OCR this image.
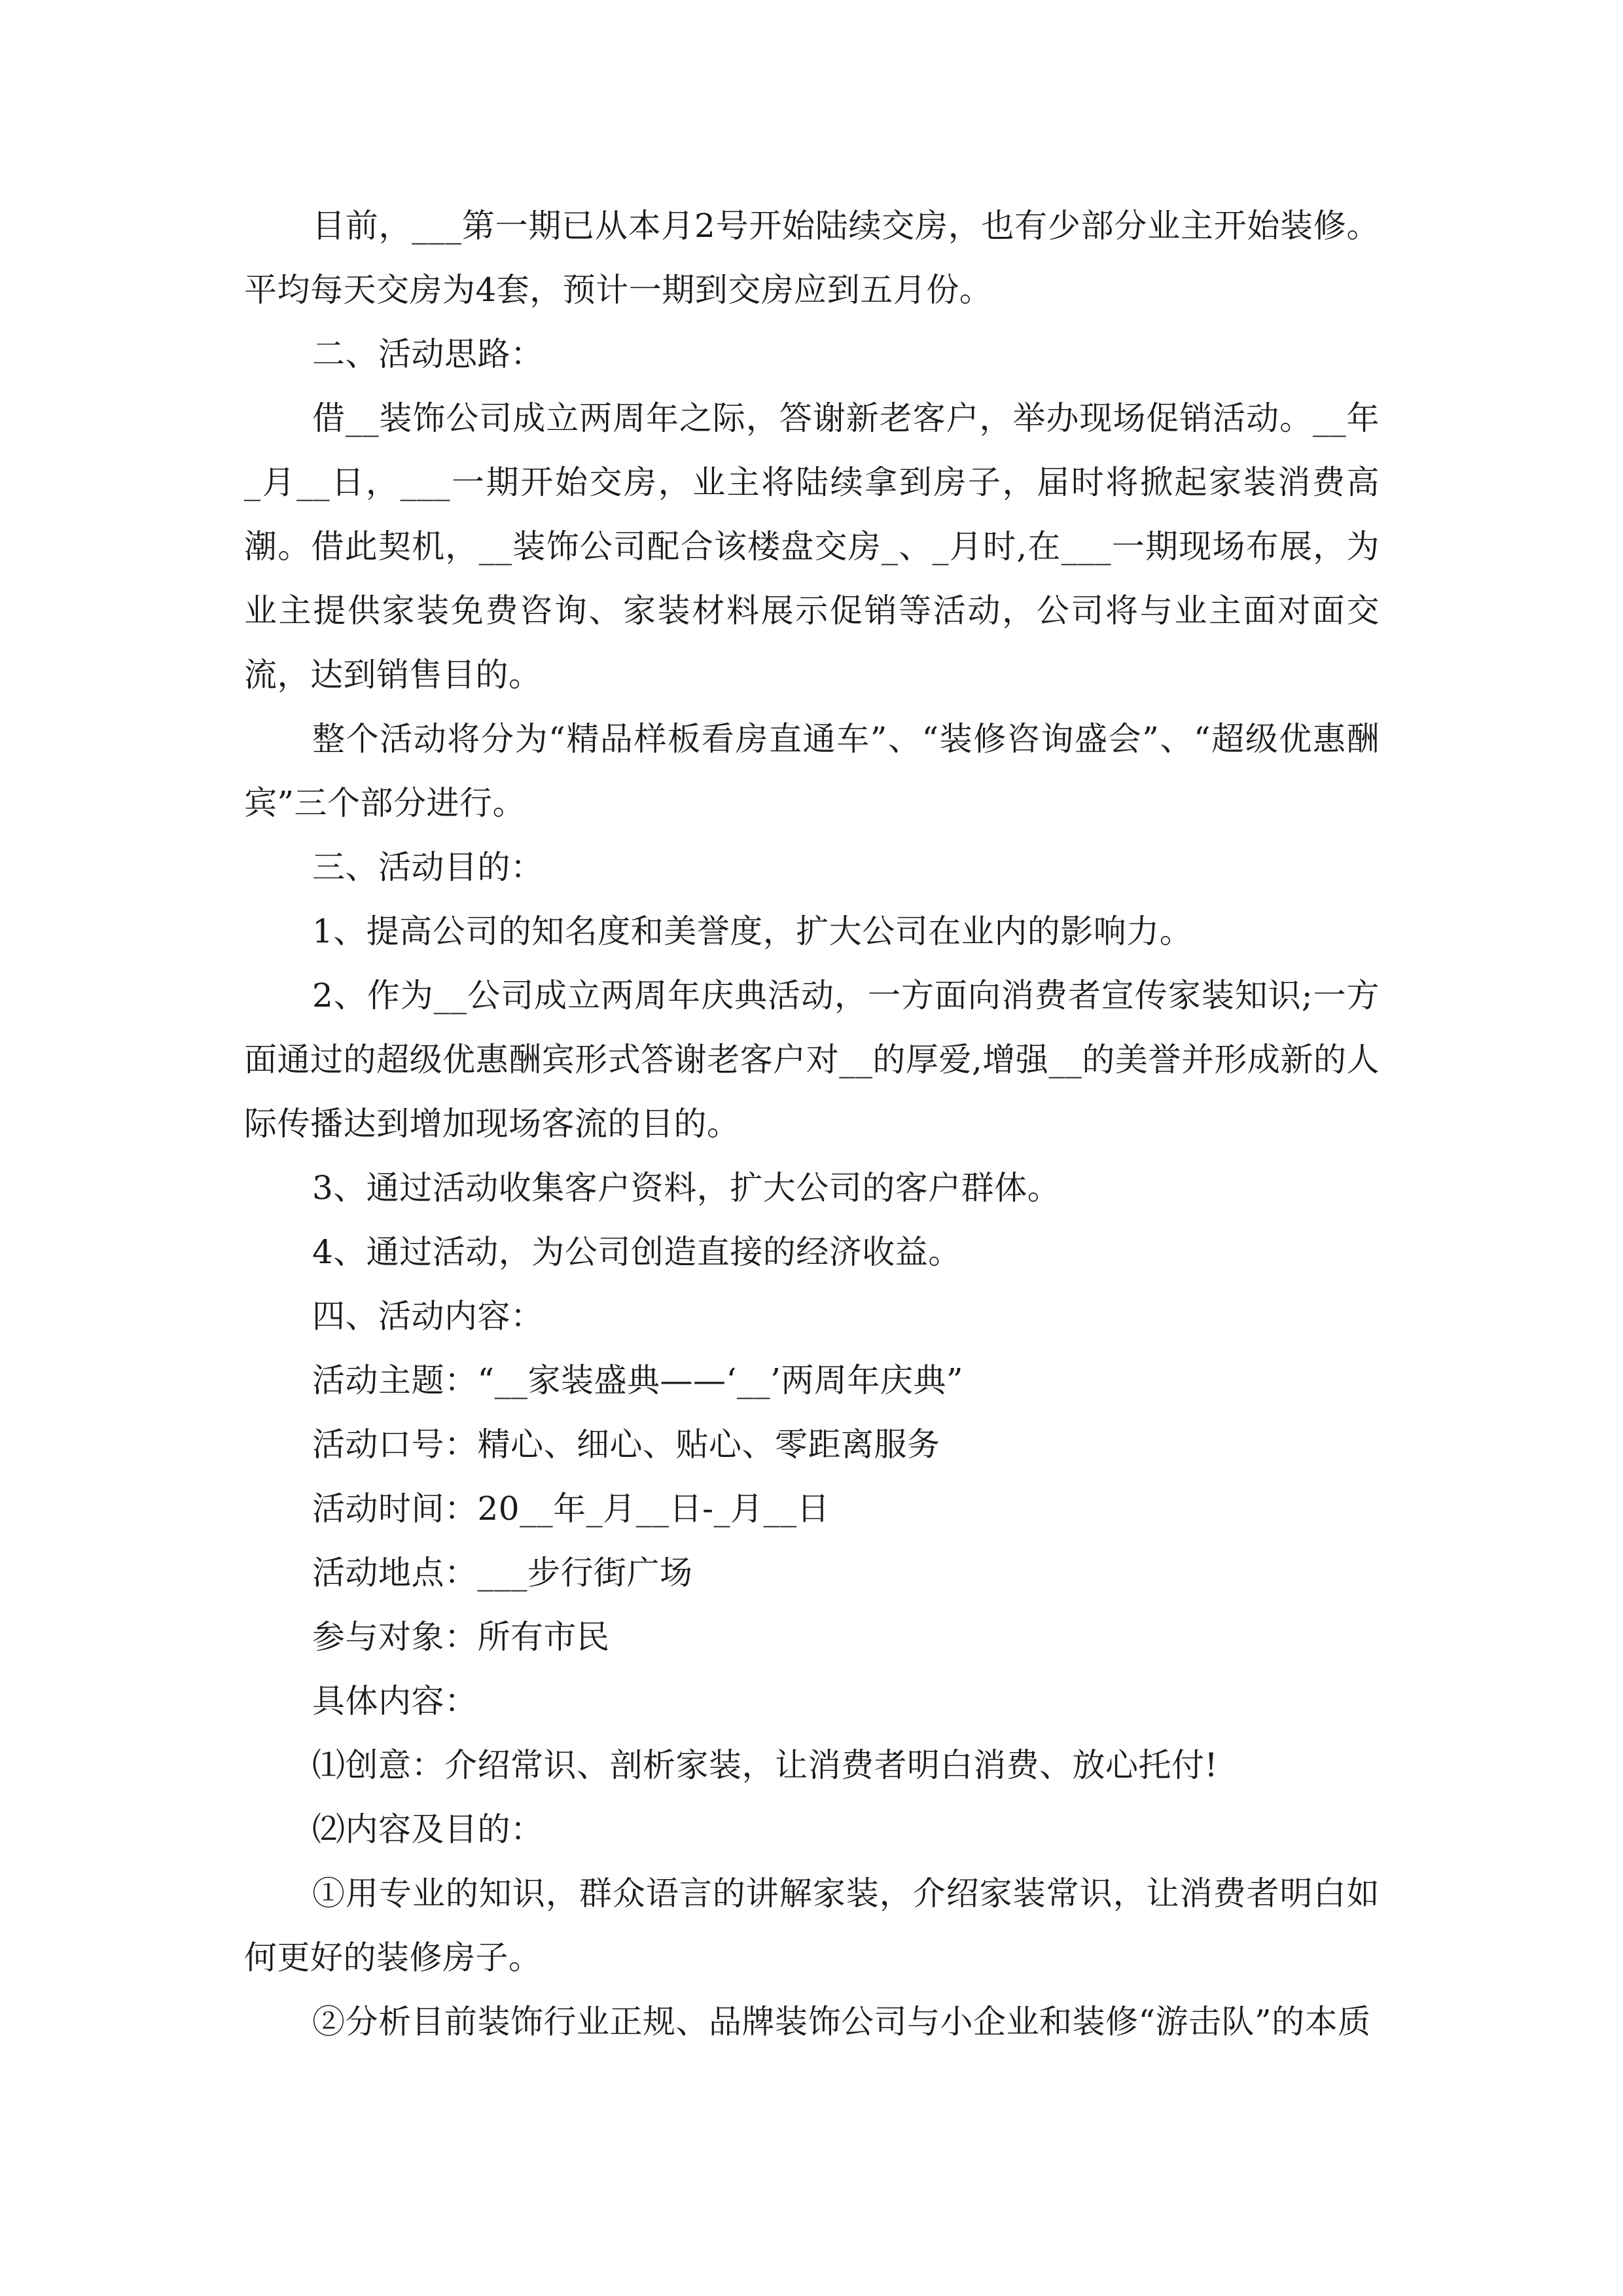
目前，___第一期已从本月2号开始陆续交房，也有少部分业主开始装修。平均每天交房为4套，预计一期到交房应到五月份。

二、活动思路：

借__装饰公司成立两周年之际，答谢新老客户，举办现场促销活动。__年_月__日，___一期开始交房，业主将陆续拿到房子，届时将掀起家装消费高潮。借此契机，__装饰公司配合该楼盘交房_、_月时,在___一期现场布展，为业主提供家装免费咨询、家装材料展示促销等活动，公司将与业主面对面交流，达到销售目的。

整个活动将分为“精品样板看房直通车”、“装修咨询盛会”、“超级优惠酬宾”三个部分进行。

三、活动目的：

1、提高公司的知名度和美誉度，扩大公司在业内的影响力。

2、作为__公司成立两周年庆典活动，一方面向消费者宣传家装知识;一方面通过的超级优惠酬宾形式答谢老客户对__的厚爱,增强__的美誉并形成新的人际传播达到增加现场客流的目的。

3、通过活动收集客户资料，扩大公司的客户群体。

4、通过活动，为公司创造直接的经济收益。

四、活动内容：

活动主题：“__家装盛典——‘__’两周年庆典”

活动口号：精心、细心、贴心、零距离服务

活动时间：20__年_月__日-_月__日

活动地点：___步行街广场

参与对象：所有市民

具体内容：

⑴创意：介绍常识、剖析家装，让消费者明白消费、放心托付!

⑵内容及目的：

①用专业的知识，群众语言的讲解家装，介绍家装常识，让消费者明白如何更好的装修房子。

②分析目前装饰行业正规、品牌装饰公司与小企业和装修“游击队”的本质
